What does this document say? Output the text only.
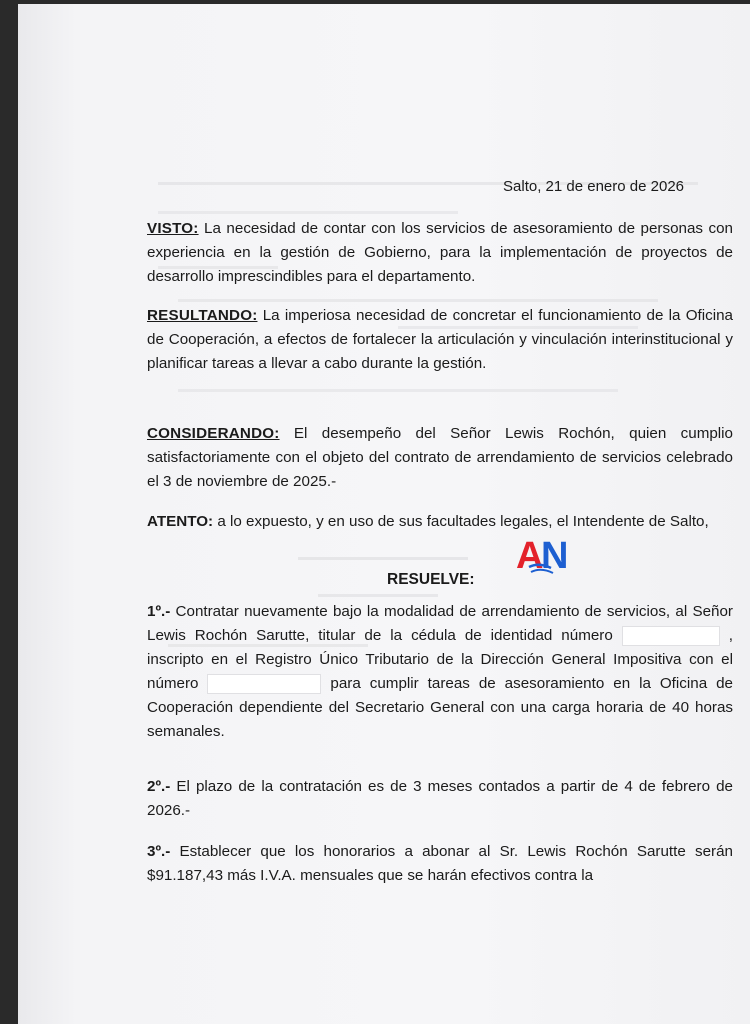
Salto, 21 de enero de 2026
VISTO: La necesidad de contar con los servicios de asesoramiento de personas con experiencia en la gestión de Gobierno, para la implementación de proyectos de desarrollo imprescindibles para el departamento.
RESULTANDO: La imperiosa necesidad de concretar el funcionamiento de la Oficina de Cooperación, a efectos de fortalecer la articulación y vinculación interinstitucional y planificar tareas a llevar a cabo durante la gestión.
CONSIDERANDO: El desempeño del Señor Lewis Rochón, quien cumplio satisfactoriamente con el objeto del contrato de arrendamiento de servicios celebrado el 3 de noviembre de 2025.-
ATENTO: a lo expuesto, y en uso de sus facultades legales, el Intendente de Salto,
RESUELVE:
1º.- Contratar nuevamente bajo la modalidad de arrendamiento de servicios, al Señor Lewis Rochón Sarutte, titular de la cédula de identidad número	, inscripto en el Registro Único Tributario de la Dirección General Impositiva con el número	para cumplir tareas de asesoramiento en la Oficina de Cooperación dependiente del Secretario General con una carga horaria de 40 horas semanales.
2º.- El plazo de la contratación es de 3 meses contados a partir de 4 de febrero de 2026.-
3º.- Establecer que los honorarios a abonar al Sr. Lewis Rochón Sarutte serán $91.187,43 más I.V.A. mensuales que se harán efectivos contra la
A
N
